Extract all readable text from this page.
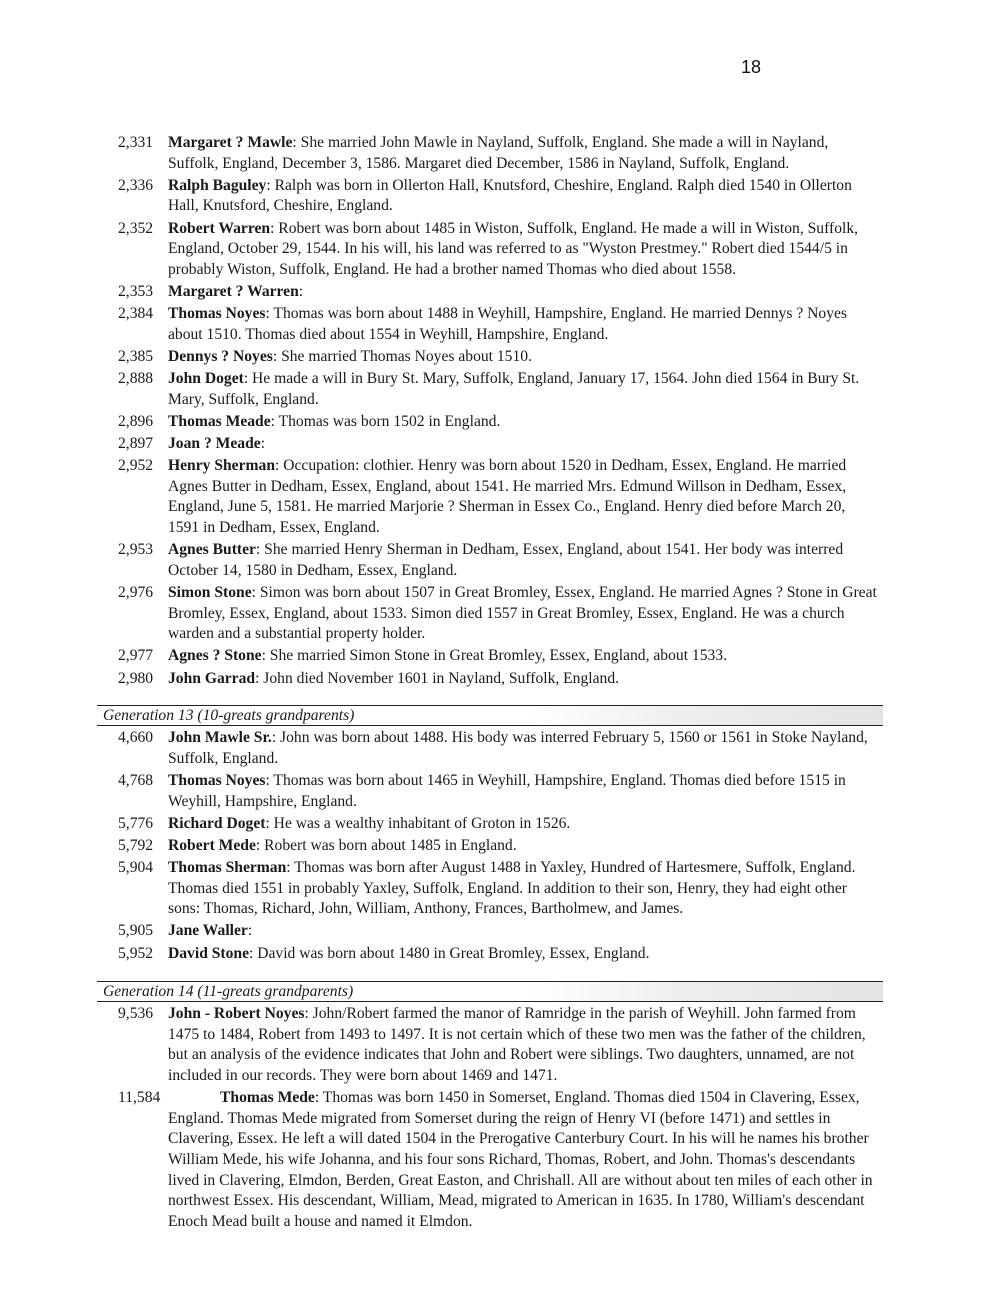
18
2,331 Margaret ? Mawle: She married John Mawle in Nayland, Suffolk, England. She made a will in Nayland, Suffolk, England, December 3, 1586. Margaret died December, 1586 in Nayland, Suffolk, England.
2,336 Ralph Baguley: Ralph was born in Ollerton Hall, Knutsford, Cheshire, England. Ralph died 1540 in Ollerton Hall, Knutsford, Cheshire, England.
2,352 Robert Warren: Robert was born about 1485 in Wiston, Suffolk, England. He made a will in Wiston, Suffolk, England, October 29, 1544. In his will, his land was referred to as "Wyston Prestmey." Robert died 1544/5 in probably Wiston, Suffolk, England. He had a brother named Thomas who died about 1558.
2,353 Margaret ? Warren:
2,384 Thomas Noyes: Thomas was born about 1488 in Weyhill, Hampshire, England. He married Dennys ? Noyes about 1510. Thomas died about 1554 in Weyhill, Hampshire, England.
2,385 Dennys ? Noyes: She married Thomas Noyes about 1510.
2,888 John Doget: He made a will in Bury St. Mary, Suffolk, England, January 17, 1564. John died 1564 in Bury St. Mary, Suffolk, England.
2,896 Thomas Meade: Thomas was born 1502 in England.
2,897 Joan ? Meade:
2,952 Henry Sherman: Occupation: clothier. Henry was born about 1520 in Dedham, Essex, England. He married Agnes Butter in Dedham, Essex, England, about 1541. He married Mrs. Edmund Willson in Dedham, Essex, England, June 5, 1581. He married Marjorie ? Sherman in Essex Co., England. Henry died before March 20, 1591 in Dedham, Essex, England.
2,953 Agnes Butter: She married Henry Sherman in Dedham, Essex, England, about 1541. Her body was interred October 14, 1580 in Dedham, Essex, England.
2,976 Simon Stone: Simon was born about 1507 in Great Bromley, Essex, England. He married Agnes ? Stone in Great Bromley, Essex, England, about 1533. Simon died 1557 in Great Bromley, Essex, England. He was a church warden and a substantial property holder.
2,977 Agnes ? Stone: She married Simon Stone in Great Bromley, Essex, England, about 1533.
2,980 John Garrad: John died November 1601 in Nayland, Suffolk, England.
Generation 13 (10-greats grandparents)
4,660 John Mawle Sr.: John was born about 1488. His body was interred February 5, 1560 or 1561 in Stoke Nayland, Suffolk, England.
4,768 Thomas Noyes: Thomas was born about 1465 in Weyhill, Hampshire, England. Thomas died before 1515 in Weyhill, Hampshire, England.
5,776 Richard Doget: He was a wealthy inhabitant of Groton in 1526.
5,792 Robert Mede: Robert was born about 1485 in England.
5,904 Thomas Sherman: Thomas was born after August 1488 in Yaxley, Hundred of Hartesmere, Suffolk, England. Thomas died 1551 in probably Yaxley, Suffolk, England. In addition to their son, Henry, they had eight other sons: Thomas, Richard, John, William, Anthony, Frances, Bartholmew, and James.
5,905 Jane Waller:
5,952 David Stone: David was born about 1480 in Great Bromley, Essex, England.
Generation 14 (11-greats grandparents)
9,536 John - Robert Noyes: John/Robert farmed the manor of Ramridge in the parish of Weyhill. John farmed from 1475 to 1484, Robert from 1493 to 1497. It is not certain which of these two men was the father of the children, but an analysis of the evidence indicates that John and Robert were siblings. Two daughters, unnamed, are not included in our records. They were born about 1469 and 1471.
11,584	Thomas Mede: Thomas was born 1450 in Somerset, England. Thomas died 1504 in Clavering, Essex, England. Thomas Mede migrated from Somerset during the reign of Henry VI (before 1471) and settles in Clavering, Essex. He left a will dated 1504 in the Prerogative Canterbury Court. In his will he names his brother William Mede, his wife Johanna, and his four sons Richard, Thomas, Robert, and John. Thomas's descendants lived in Clavering, Elmdon, Berden, Great Easton, and Chrishall. All are without about ten miles of each other in northwest Essex. His descendant, William, Mead, migrated to American in 1635. In 1780, William's descendant Enoch Mead built a house and named it Elmdon.
